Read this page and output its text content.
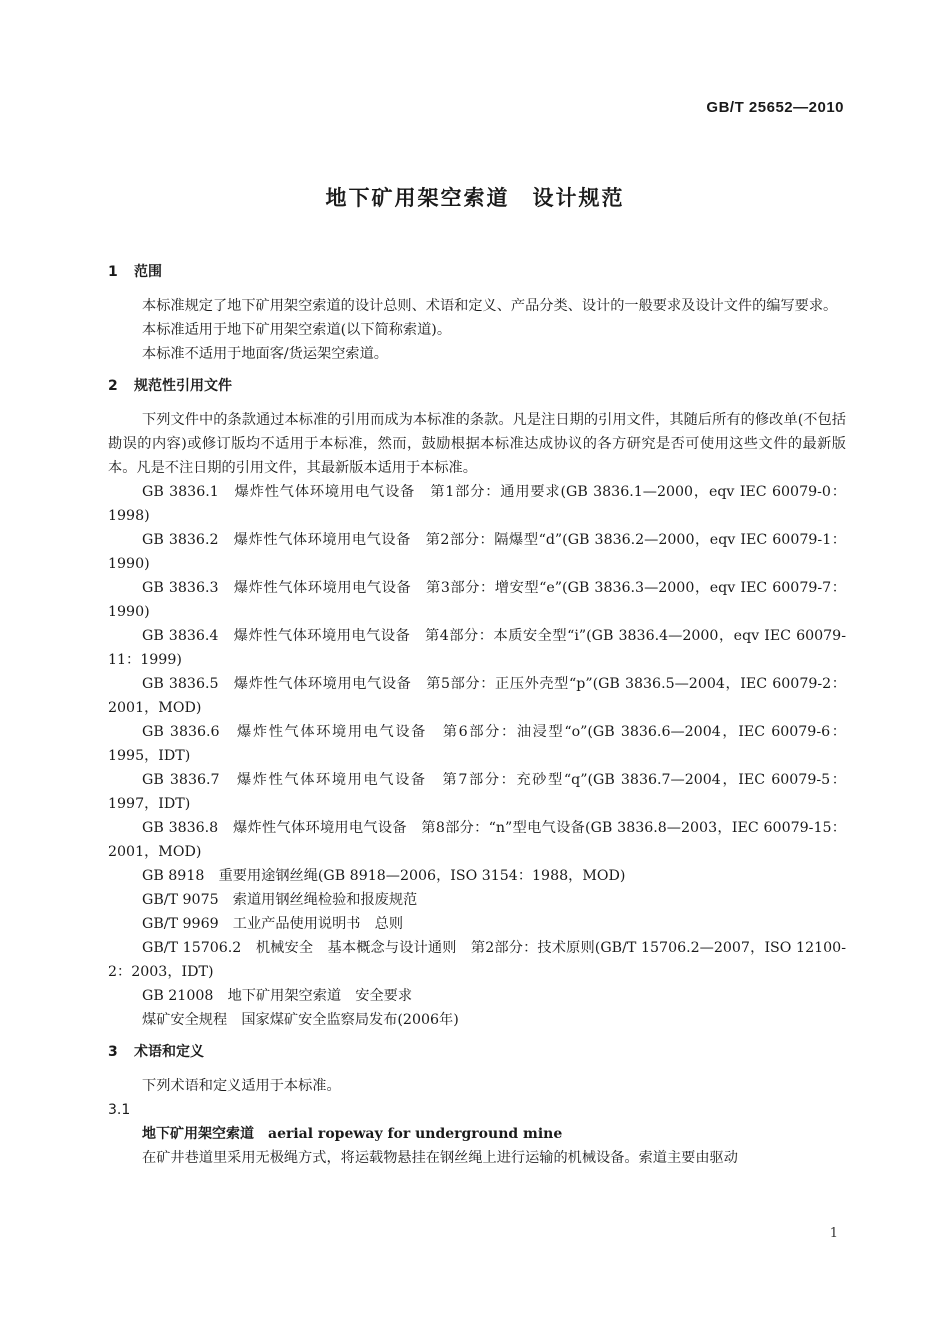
GB/T 25652—2010
地下矿用架空索道　设计规范
1 范围

本标准规定了地下矿用架空索道的设计总则、术语和定义、产品分类、设计的一般要求及设计文件的编写要求。

本标准适用于地下矿用架空索道(以下简称索道)。

本标准不适用于地面客/货运架空索道。

2 规范性引用文件

下列文件中的条款通过本标准的引用而成为本标准的条款。凡是注日期的引用文件，其随后所有的修改单(不包括勘误的内容)或修订版均不适用于本标准，然而，鼓励根据本标准达成协议的各方研究是否可使用这些文件的最新版本。凡是不注日期的引用文件，其最新版本适用于本标准。

GB 3836.1　爆炸性气体环境用电气设备　第1部分：通用要求(GB 3836.1—2000，eqv IEC 60079-0：1998)

GB 3836.2　爆炸性气体环境用电气设备　第2部分：隔爆型“d”(GB 3836.2—2000，eqv IEC 60079-1：1990)

GB 3836.3　爆炸性气体环境用电气设备　第3部分：增安型“e”(GB 3836.3—2000，eqv IEC 60079-7：1990)

GB 3836.4　爆炸性气体环境用电气设备　第4部分：本质安全型“i”(GB 3836.4—2000，eqv IEC 60079-11：1999)

GB 3836.5　爆炸性气体环境用电气设备　第5部分：正压外壳型“p”(GB 3836.5—2004，IEC 60079-2：2001，MOD)

GB 3836.6　爆炸性气体环境用电气设备　第6部分：油浸型“o”(GB 3836.6—2004，IEC 60079-6：1995，IDT)

GB 3836.7　爆炸性气体环境用电气设备　第7部分：充砂型“q”(GB 3836.7—2004，IEC 60079-5：1997，IDT)

GB 3836.8　爆炸性气体环境用电气设备　第8部分：“n”型电气设备(GB 3836.8—2003，IEC 60079-15：2001，MOD)

GB 8918　重要用途钢丝绳(GB 8918—2006，ISO 3154：1988，MOD)

GB/T 9075　索道用钢丝绳检验和报废规范

GB/T 9969　工业产品使用说明书　总则

GB/T 15706.2　机械安全　基本概念与设计通则　第2部分：技术原则(GB/T 15706.2—2007，ISO 12100-2：2003，IDT)

GB 21008　地下矿用架空索道　安全要求

煤矿安全规程　国家煤矿安全监察局发布(2006年)

3 术语和定义

下列术语和定义适用于本标准。

3.1

地下矿用架空索道 aerial ropeway for underground mine

在矿井巷道里采用无极绳方式，将运载物悬挂在钢丝绳上进行运输的机械设备。索道主要由驱动

1
